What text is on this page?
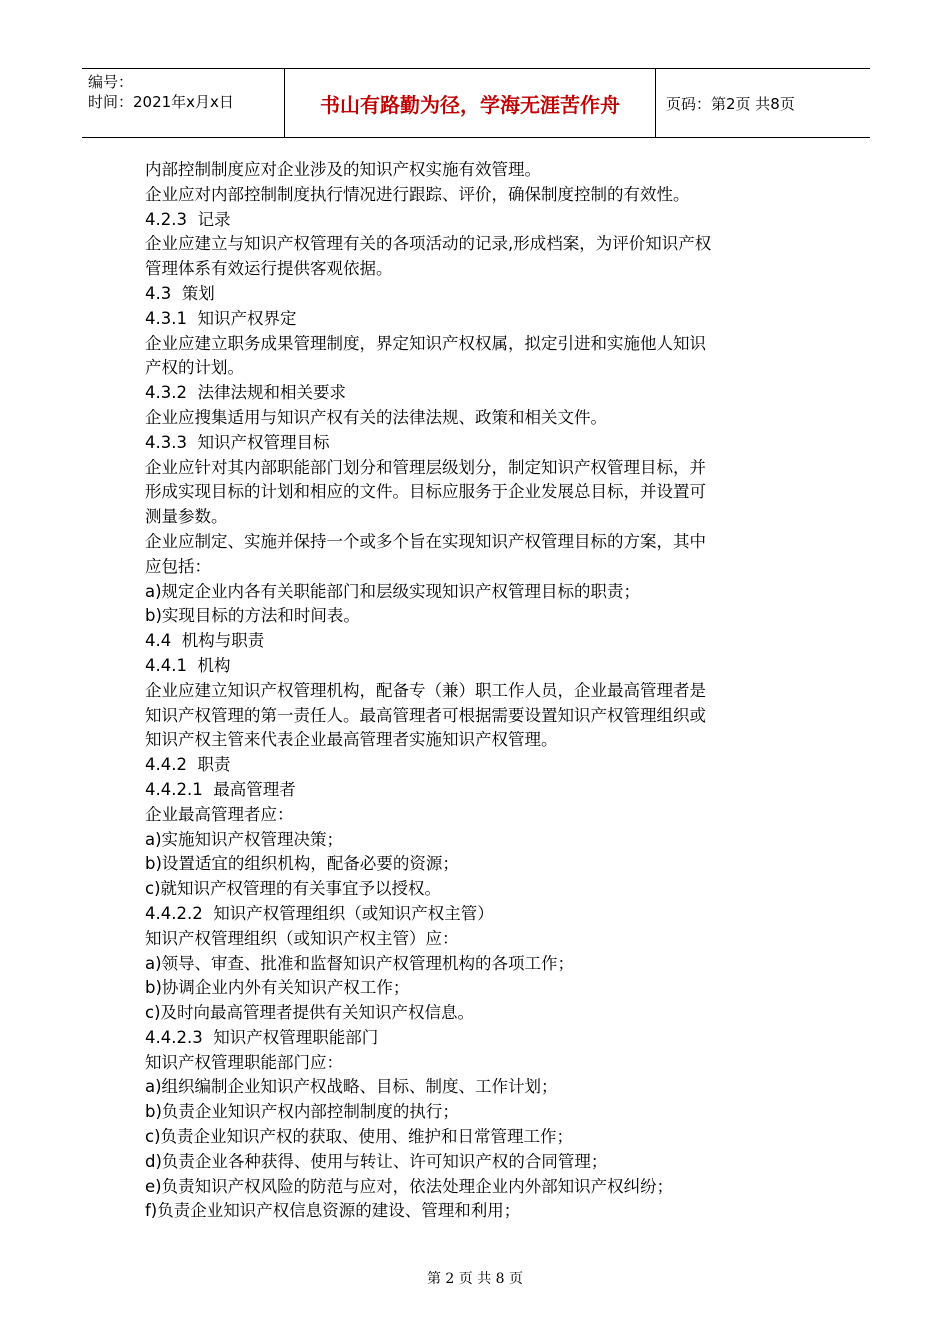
编号：
时间：2021年x月x日	书山有路勤为径，学海无涯苦作舟	页码：第2页 共8页

内部控制制度应对企业涉及的知识产权实施有效管理。

企业应对内部控制制度执行情况进行跟踪、评价，确保制度控制的有效性。

4.2.3  记录

企业应建立与知识产权管理有关的各项活动的记录,形成档案，为评价知识产权

管理体系有效运行提供客观依据。

4.3  策划

4.3.1  知识产权界定

企业应建立职务成果管理制度，界定知识产权权属，拟定引进和实施他人知识

产权的计划。

4.3.2  法律法规和相关要求

企业应搜集适用与知识产权有关的法律法规、政策和相关文件。

4.3.3  知识产权管理目标

企业应针对其内部职能部门划分和管理层级划分，制定知识产权管理目标，并

形成实现目标的计划和相应的文件。目标应服务于企业发展总目标，并设置可

测量参数。

企业应制定、实施并保持一个或多个旨在实现知识产权管理目标的方案，其中

应包括：

a)规定企业内各有关职能部门和层级实现知识产权管理目标的职责；

b)实现目标的方法和时间表。

4.4  机构与职责

4.4.1  机构

企业应建立知识产权管理机构，配备专（兼）职工作人员，企业最高管理者是

知识产权管理的第一责任人。最高管理者可根据需要设置知识产权管理组织或

知识产权主管来代表企业最高管理者实施知识产权管理。

4.4.2  职责

4.4.2.1  最高管理者

企业最高管理者应：

a)实施知识产权管理决策；

b)设置适宜的组织机构，配备必要的资源；

c)就知识产权管理的有关事宜予以授权。

4.4.2.2  知识产权管理组织（或知识产权主管）

知识产权管理组织（或知识产权主管）应：

a)领导、审查、批准和监督知识产权管理机构的各项工作；

b)协调企业内外有关知识产权工作；

c)及时向最高管理者提供有关知识产权信息。

4.4.2.3  知识产权管理职能部门

知识产权管理职能部门应：

a)组织编制企业知识产权战略、目标、制度、工作计划；

b)负责企业知识产权内部控制制度的执行；

c)负责企业知识产权的获取、使用、维护和日常管理工作；

d)负责企业各种获得、使用与转让、许可知识产权的合同管理；

e)负责知识产权风险的防范与应对，依法处理企业内外部知识产权纠纷；

f)负责企业知识产权信息资源的建设、管理和利用；

第 2 页 共 8 页
